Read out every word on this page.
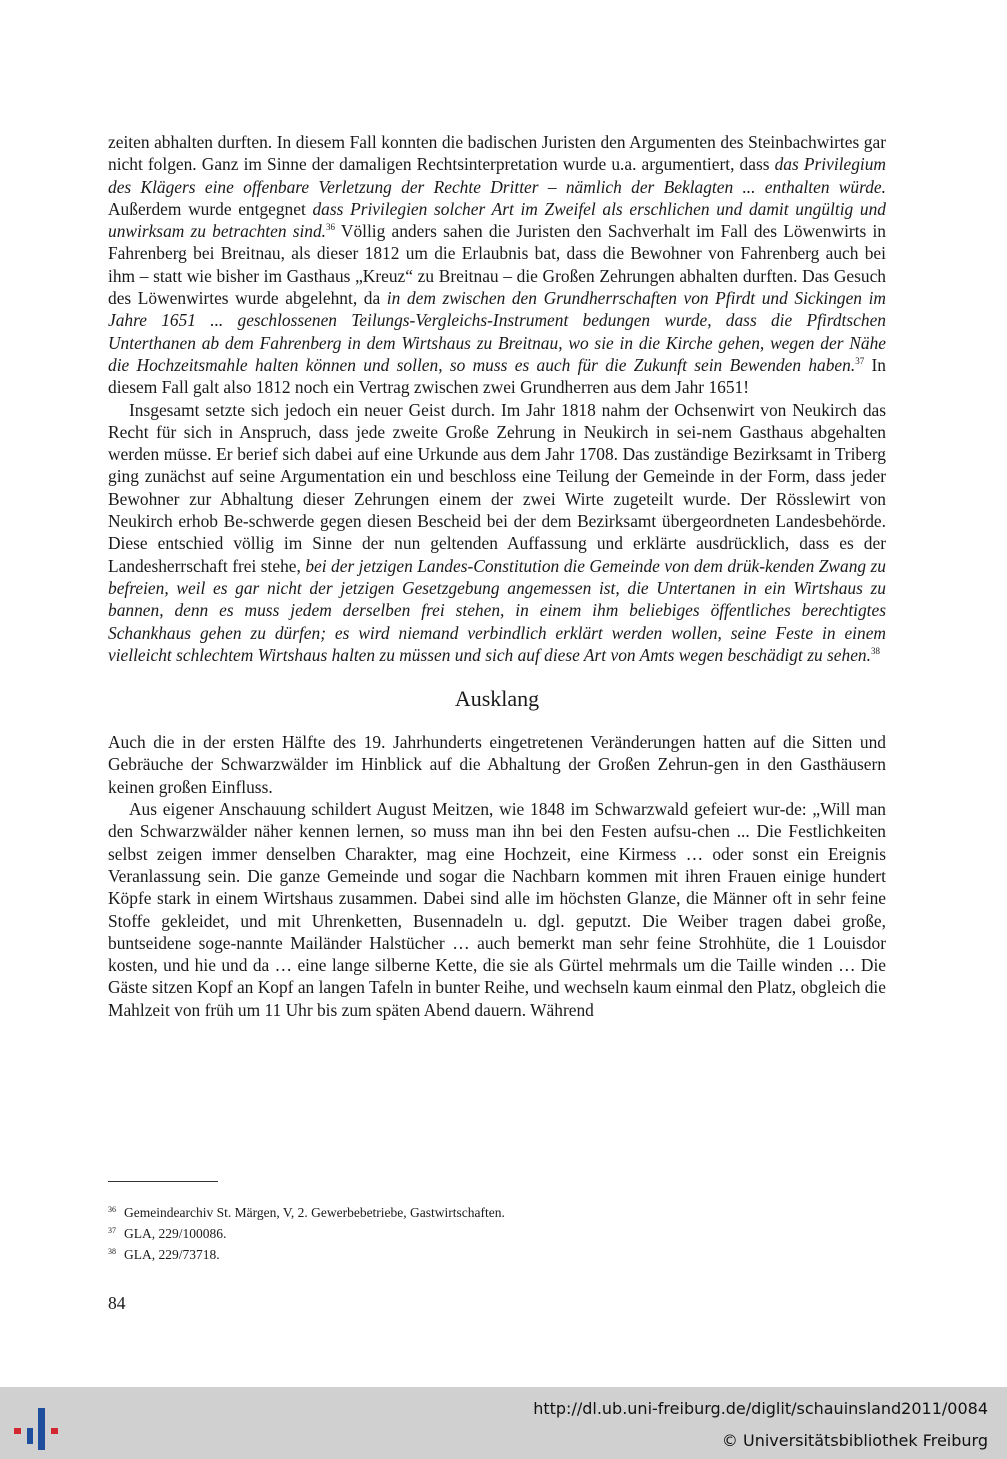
zeiten abhalten durften. In diesem Fall konnten die badischen Juristen den Argumenten des Steinbachwirtes gar nicht folgen. Ganz im Sinne der damaligen Rechtsinterpretation wurde u.a. argumentiert, dass das Privilegium des Klägers eine offenbare Verletzung der Rechte Dritter – nämlich der Beklagten ... enthalten würde. Außerdem wurde entgegnet dass Privilegien solcher Art im Zweifel als erschlichen und damit ungültig und unwirksam zu betrachten sind.$^{36}$ Völlig anders sahen die Juristen den Sachverhalt im Fall des Löwenwirts in Fahrenberg bei Breitnau, als dieser 1812 um die Erlaubnis bat, dass die Bewohner von Fahrenberg auch bei ihm – statt wie bisher im Gasthaus „Kreuz“ zu Breitnau – die Großen Zehrungen abhalten durften. Das Gesuch des Löwenwirtes wurde abgelehnt, da in dem zwischen den Grundherrschaften von Pfirdt und Sickingen im Jahre 1651 ... geschlossenen Teilungs-Vergleichs-Instrument bedungen wurde, dass die Pfirdtschen Unterthanen ab dem Fahrenberg in dem Wirtshaus zu Breitnau, wo sie in die Kirche gehen, wegen der Nähe die Hochzeitsmahle halten können und sollen, so muss es auch für die Zukunft sein Bewenden haben.$^{37}$ In diesem Fall galt also 1812 noch ein Vertrag zwischen zwei Grundherren aus dem Jahr 1651!

Insgesamt setzte sich jedoch ein neuer Geist durch. Im Jahr 1818 nahm der Ochsenwirt von Neukirch das Recht für sich in Anspruch, dass jede zweite Große Zehrung in Neukirch in sei-nem Gasthaus abgehalten werden müsse. Er berief sich dabei auf eine Urkunde aus dem Jahr 1708. Das zuständige Bezirksamt in Triberg ging zunächst auf seine Argumentation ein und beschloss eine Teilung der Gemeinde in der Form, dass jeder Bewohner zur Abhaltung dieser Zehrungen einem der zwei Wirte zugeteilt wurde. Der Rösslewirt von Neukirch erhob Be-schwerde gegen diesen Bescheid bei der dem Bezirksamt übergeordneten Landesbehörde. Diese entschied völlig im Sinne der nun geltenden Auffassung und erklärte ausdrücklich, dass es der Landesherrschaft frei stehe, bei der jetzigen Landes-Constitution die Gemeinde von dem drük-kenden Zwang zu befreien, weil es gar nicht der jetzigen Gesetzgebung angemessen ist, die Untertanen in ein Wirtshaus zu bannen, denn es muss jedem derselben frei stehen, in einem ihm beliebiges öffentliches berechtigtes Schankhaus gehen zu dürfen; es wird niemand verbindlich erklärt werden wollen, seine Feste in einem vielleicht schlechtem Wirtshaus halten zu müssen und sich auf diese Art von Amts wegen beschädigt zu sehen.$^{38}$

Ausklang

Auch die in der ersten Hälfte des 19. Jahrhunderts eingetretenen Veränderungen hatten auf die Sitten und Gebräuche der Schwarzwälder im Hinblick auf die Abhaltung der Großen Zehrun-gen in den Gasthäusern keinen großen Einfluss.

Aus eigener Anschauung schildert August Meitzen, wie 1848 im Schwarzwald gefeiert wur-de: „Will man den Schwarzwälder näher kennen lernen, so muss man ihn bei den Festen aufsu-chen ... Die Festlichkeiten selbst zeigen immer denselben Charakter, mag eine Hochzeit, eine Kirmess … oder sonst ein Ereignis Veranlassung sein. Die ganze Gemeinde und sogar die Nachbarn kommen mit ihren Frauen einige hundert Köpfe stark in einem Wirtshaus zusammen. Dabei sind alle im höchsten Glanze, die Männer oft in sehr feine Stoffe gekleidet, und mit Uhrenketten, Busennadeln u. dgl. geputzt. Die Weiber tragen dabei große, buntseidene soge-nannte Mailänder Halstücher … auch bemerkt man sehr feine Strohhüte, die 1 Louisdor kosten, und hie und da … eine lange silberne Kette, die sie als Gürtel mehrmals um die Taille winden … Die Gäste sitzen Kopf an Kopf an langen Tafeln in bunter Reihe, und wechseln kaum einmal den Platz, obgleich die Mahlzeit von früh um 11 Uhr bis zum späten Abend dauern. Während

$^{36}$ Gemeindearchiv St. Märgen, V, 2. Gewerbebetriebe, Gastwirtschaften.

$^{37}$ GLA, 229/100086.

$^{38}$ GLA, 229/73718.

84
http://dl.ub.uni-freiburg.de/diglit/schauinsland2011/0084
© Universitätsbibliothek Freiburg
